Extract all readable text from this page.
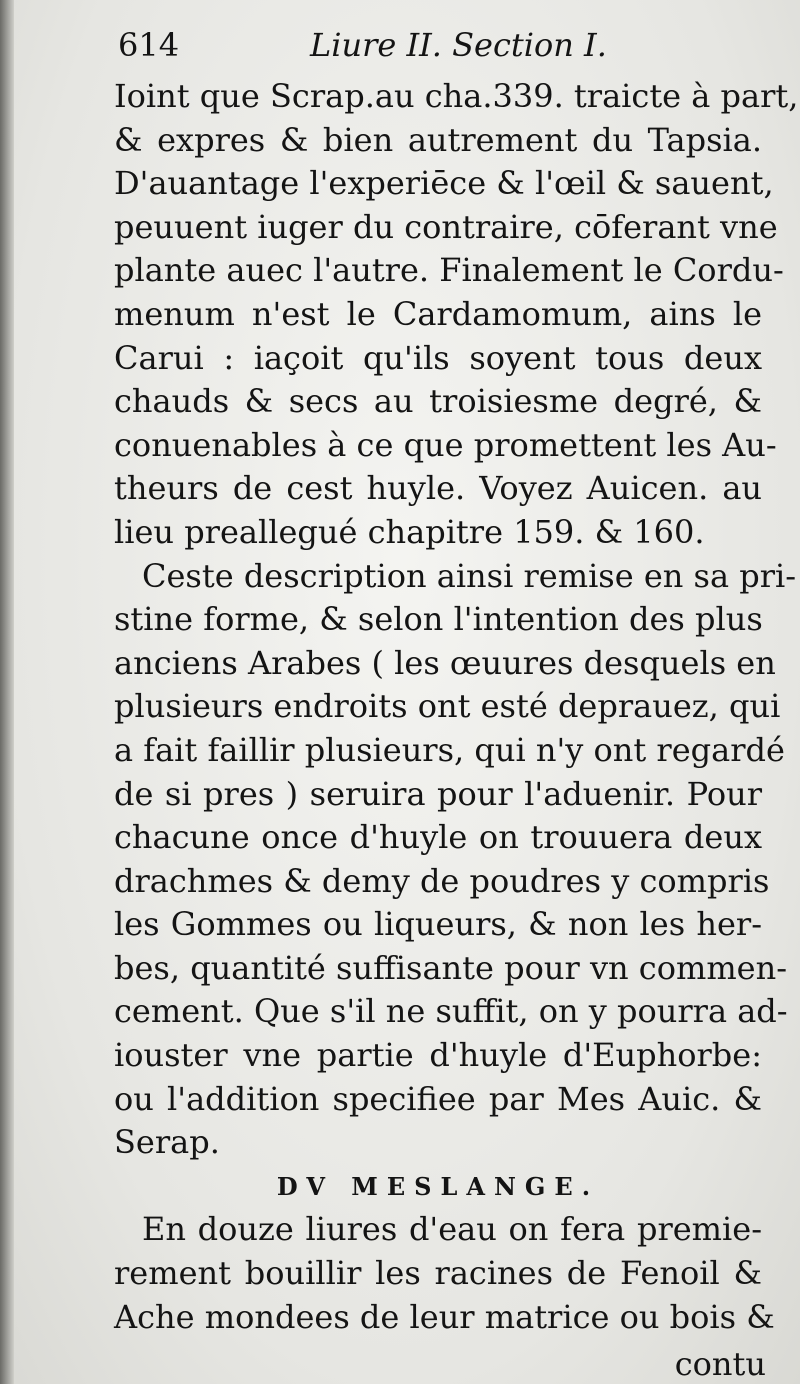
614	Liure II. Section I.
Ioint que Scrap.au cha.339. traicte à part,
& expres & bien autrement du Tapsia.
D'auantage l'experiēce & l'œil & sauent,
peuuent iuger du contraire, cōferant vne
plante auec l'autre. Finalement le Cordu-
menum n'est le Cardamomum, ains le
Carui : iaçoit qu'ils soyent tous deux
chauds & secs au troisiesme degré, &
conuenables à ce que promettent les Au-
theurs de cest huyle. Voyez Auicen. au
lieu preallegué chapitre 159. & 160.
Ceste description ainsi remise en sa pri-
stine forme, & selon l'intention des plus
anciens Arabes ( les œuures desquels en
plusieurs endroits ont esté deprauez, qui
a fait faillir plusieurs, qui n'y ont regardé
de si pres ) seruira pour l'aduenir. Pour
chacune once d'huyle on trouuera deux
drachmes & demy de poudres y compris
les Gommes ou liqueurs, & non les her-
bes, quantité suffisante pour vn commen-
cement. Que s'il ne suffit, on y pourra ad-
iouster vne partie d'huyle d'Euphorbe:
ou l'addition specifiee par Mes Auic. &
Serap.
DV MESLANGE.
En douze liures d'eau on fera premie-
rement bouillir les racines de Fenoil &
Ache mondees de leur matrice ou bois &
contu
